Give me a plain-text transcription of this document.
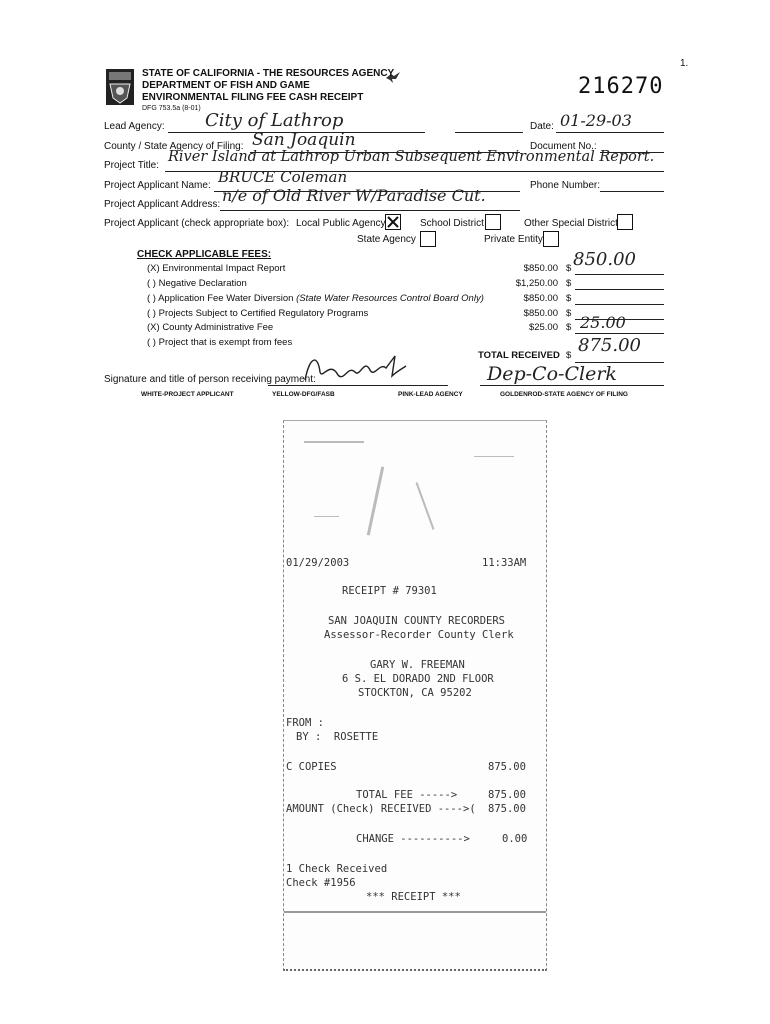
1.
STATE OF CALIFORNIA - THE RESOURCES AGENCY
DEPARTMENT OF FISH AND GAME
ENVIRONMENTAL FILING FEE CASH RECEIPT
DFG 753.5a (8-01)
216270
Lead Agency: City of Lathrop	Date: 01-29-03
County / State Agency of Filing: San Joaquin	Document No.:
Project Title:
River Island at Lathrop Urban Subsequent Environmental Report.
Project Applicant Name: BRUCE Coleman	Phone Number:
Project Applicant Address: n/e of Old River W/Paradise Cut.
Project Applicant (check appropriate box): Local Public Agency	School District	Other Special District
State Agency	Private Entity
CHECK APPLICABLE FEES:
(X) Environmental Impact Report	$850.00 $ 850.00
( ) Negative Declaration	$1,250.00 $
( ) Application Fee Water Diversion (State Water Resources Control Board Only)	$850.00 $
( ) Projects Subject to Certified Regulatory Programs	$850.00 $
(X) County Administrative Fee	$25.00 $ 25.00
( ) Project that is exempt from fees
TOTAL RECEIVED $ 875.00
Signature and title of person receiving payment:	Dep-Co-Clerk
WHITE-PROJECT APPLICANT	YELLOW-DFG/FASB	PINK-LEAD AGENCY	GOLDENROD-STATE AGENCY OF FILING
01/29/2003	11:33AM
RECEIPT # 79301
SAN JOAQUIN COUNTY RECORDERS
Assessor-Recorder County Clerk
GARY W. FREEMAN
6 S. EL DORADO 2ND FLOOR
STOCKTON, CA 95202
FROM :
BY :  ROSETTE
C COPIES	875.00
TOTAL FEE ----->	875.00
AMOUNT (Check) RECEIVED ---->( 875.00
CHANGE ---------->	0.00
1 Check Received
Check #1956
*** RECEIPT ***
